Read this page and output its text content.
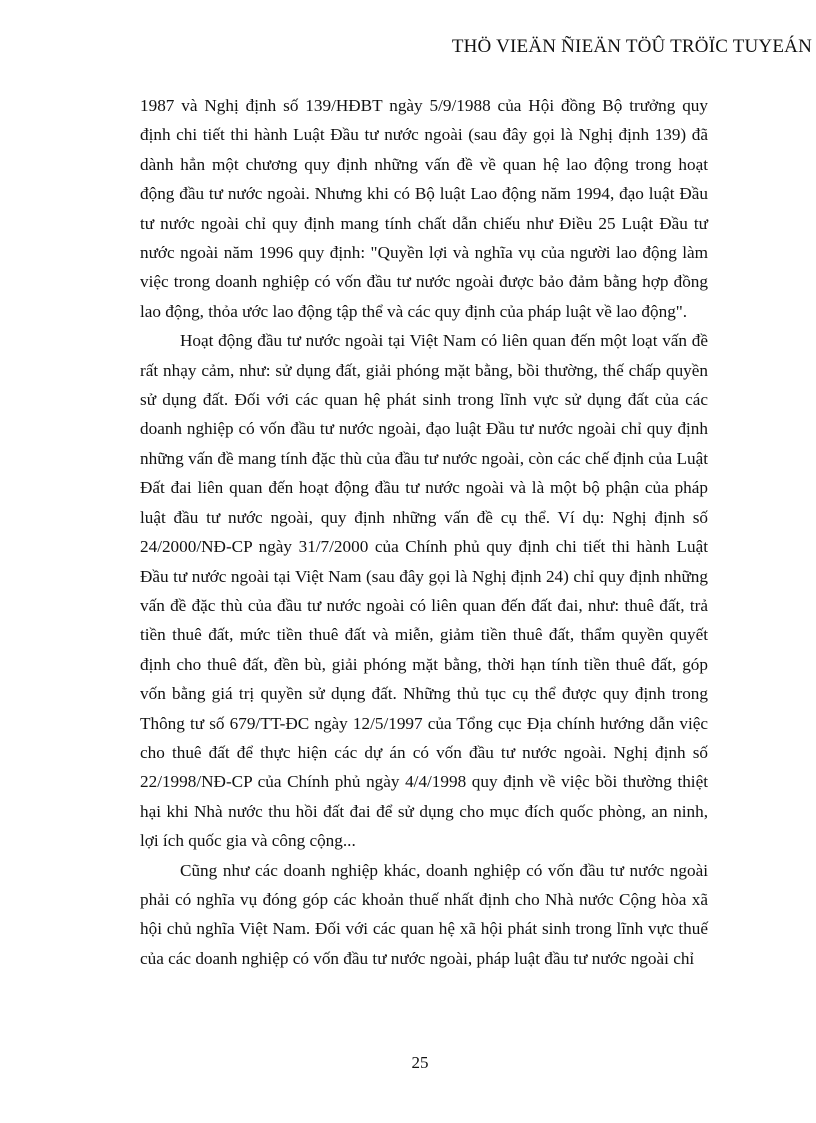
THÖ VIEÄN ÑIEÄN TÖÛ TRÖÏC TUYEÁN

1987 và Nghị định số 139/HĐBT ngày 5/9/1988 của Hội đồng Bộ trưởng quy định chi tiết thi hành Luật Đầu tư nước ngoài (sau đây gọi là Nghị định 139) đã dành hẳn một chương quy định những vấn đề về quan hệ lao động trong hoạt động đầu tư nước ngoài. Nhưng khi có Bộ luật Lao động năm 1994, đạo luật Đầu tư nước ngoài chỉ quy định mang tính chất dẫn chiếu như Điều 25 Luật Đầu tư nước ngoài năm 1996 quy định: "Quyền lợi và nghĩa vụ của người lao động làm việc trong doanh nghiệp có vốn đầu tư nước ngoài được bảo đảm bằng hợp đồng lao động, thỏa ước lao động tập thể và các quy định của pháp luật về lao động".

Hoạt động đầu tư nước ngoài tại Việt Nam có liên quan đến một loạt vấn đề rất nhạy cảm, như: sử dụng đất, giải phóng mặt bằng, bồi thường, thế chấp quyền sử dụng đất. Đối với các quan hệ phát sinh trong lĩnh vực sử dụng đất của các doanh nghiệp có vốn đầu tư nước ngoài, đạo luật Đầu tư nước ngoài chỉ quy định những vấn đề mang tính đặc thù của đầu tư nước ngoài, còn các chế định của Luật Đất đai liên quan đến hoạt động đầu tư nước ngoài và là một bộ phận của pháp luật đầu tư nước ngoài, quy định những vấn đề cụ thể. Ví dụ: Nghị định số 24/2000/NĐ-CP ngày 31/7/2000 của Chính phủ quy định chi tiết thi hành Luật Đầu tư nước ngoài tại Việt Nam (sau đây gọi là Nghị định 24) chỉ quy định những vấn đề đặc thù của đầu tư nước ngoài có liên quan đến đất đai, như: thuê đất, trả tiền thuê đất, mức tiền thuê đất và miễn, giảm tiền thuê đất, thẩm quyền quyết định cho thuê đất, đền bù, giải phóng mặt bằng, thời hạn tính tiền thuê đất, góp vốn bằng giá trị quyền sử dụng đất. Những thủ tục cụ thể được quy định trong Thông tư số 679/TT-ĐC ngày 12/5/1997 của Tổng cục Địa chính hướng dẫn việc cho thuê đất để thực hiện các dự án có vốn đầu tư nước ngoài. Nghị định số 22/1998/NĐ-CP của Chính phủ ngày 4/4/1998 quy định về việc bồi thường thiệt hại khi Nhà nước thu hồi đất đai để sử dụng cho mục đích quốc phòng, an ninh, lợi ích quốc gia và công cộng...

Cũng như các doanh nghiệp khác, doanh nghiệp có vốn đầu tư nước ngoài phải có nghĩa vụ đóng góp các khoản thuế nhất định cho Nhà nước Cộng hòa xã hội chủ nghĩa Việt Nam. Đối với các quan hệ xã hội phát sinh trong lĩnh vực thuế của các doanh nghiệp có vốn đầu tư nước ngoài, pháp luật đầu tư nước ngoài chỉ

25
